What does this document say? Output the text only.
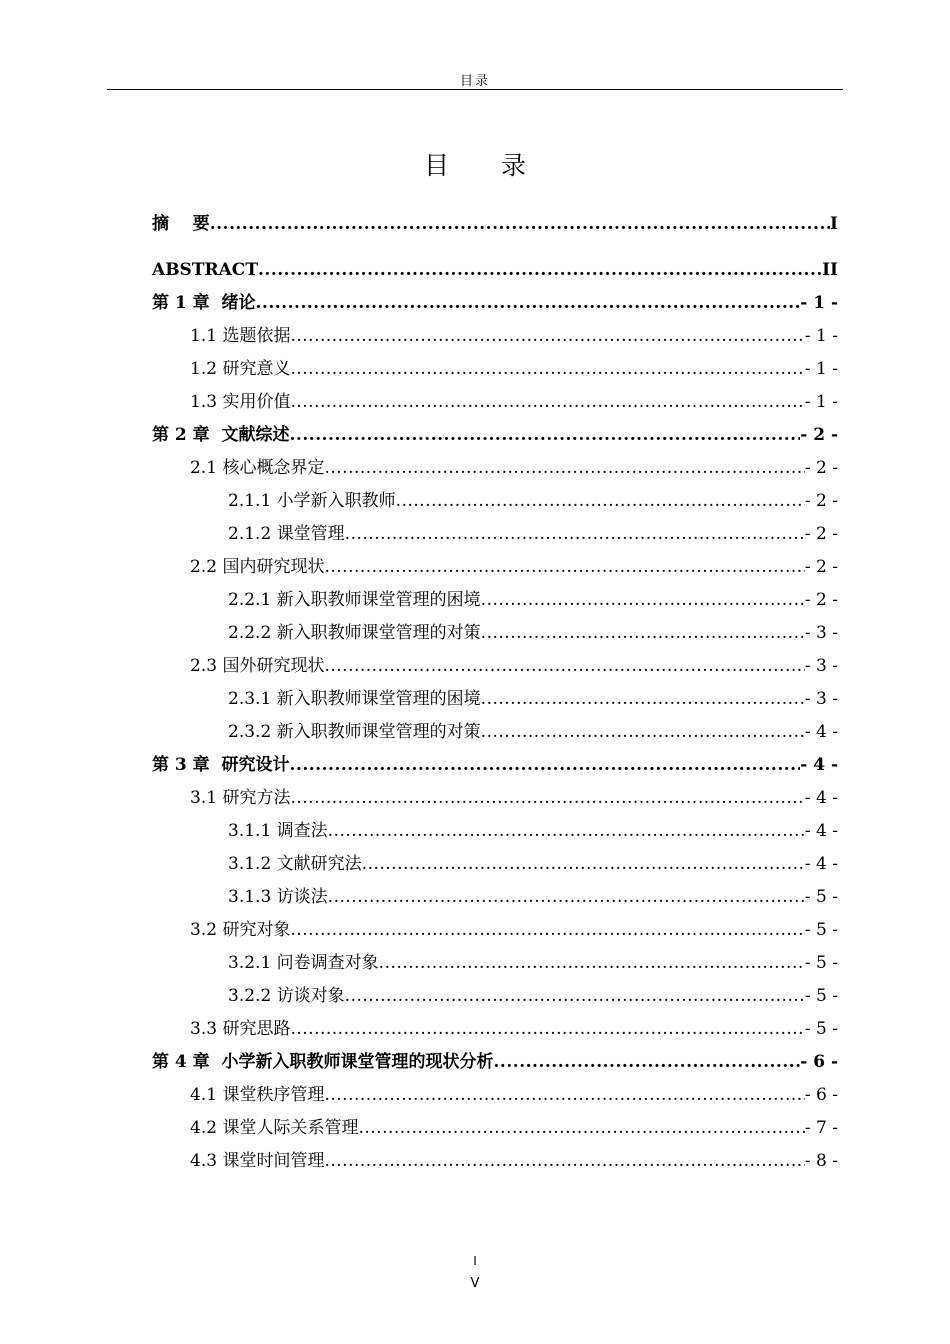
目录
目 录
摘    要 .....	I
ABSTRACT .....	II
第 1 章  绪论 .....	- 1 -
1.1 选题依据 .....	- 1 -
1.2 研究意义 .....	- 1 -
1.3 实用价值 .....	- 1 -
第 2 章  文献综述 .....	- 2 -
2.1 核心概念界定 .....	- 2 -
2.1.1 小学新入职教师 .....	- 2 -
2.1.2 课堂管理 .....	- 2 -
2.2 国内研究现状 .....	- 2 -
2.2.1 新入职教师课堂管理的困境 .....	- 2 -
2.2.2 新入职教师课堂管理的对策 .....	- 3 -
2.3 国外研究现状 .....	- 3 -
2.3.1 新入职教师课堂管理的困境 .....	- 3 -
2.3.2 新入职教师课堂管理的对策 .....	- 4 -
第 3 章  研究设计 .....	- 4 -
3.1 研究方法 .....	- 4 -
3.1.1 调查法 .....	- 4 -
3.1.2 文献研究法 .....	- 4 -
3.1.3 访谈法 .....	- 5 -
3.2 研究对象 .....	- 5 -
3.2.1 问卷调查对象 .....	- 5 -
3.2.2 访谈对象 .....	- 5 -
3.3 研究思路 .....	- 5 -
第 4 章  小学新入职教师课堂管理的现状分析 .....	- 6 -
4.1 课堂秩序管理 .....	- 6 -
4.2 课堂人际关系管理 .....	- 7 -
4.3 课堂时间管理 .....	- 8 -
I
V
